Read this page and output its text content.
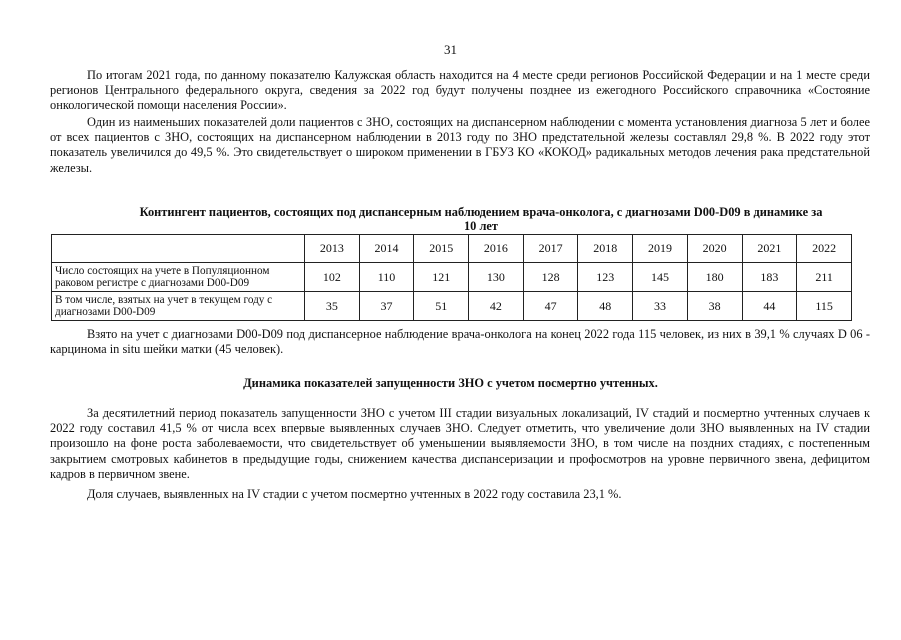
31

По итогам 2021 года, по данному показателю Калужская область находится на 4 месте среди регионов Российской Федерации и на 1 месте среди регионов Центрального федерального округа, сведения за 2022 год будут получены позднее из ежегодного Российского справочника «Состояние онкологической помощи населения России».

Один из наименьших показателей доли пациентов с ЗНО, состоящих на диспансерном наблюдении с момента установления диагноза 5 лет и более от всех пациентов с ЗНО, состоящих на диспансерном наблюдении в 2013 году по ЗНО предстательной железы составлял 29,8 %. В 2022 году этот показатель увеличился до 49,5 %. Это свидетельствует о широком применении в ГБУЗ КО «КОКОД» радикальных методов лечения рака предстательной железы.

Контингент пациентов, состоящих под диспансерным наблюдением врача-онколога, с диагнозами D00-D09 в динамике за
10 лет
	2013	2014	2015	2016	2017	2018	2019	2020	2021	2022
Число состоящих на учете в Популяционном раковом регистре с диагнозами D00-D09	102	110	121	130	128	123	145	180	183	211
В том числе, взятых на учет в текущем году с диагнозами D00-D09	35	37	51	42	47	48	33	38	44	115

Взято на учет с диагнозами D00-D09 под диспансерное наблюдение врача-онколога на конец 2022 года 115 человек, из них в 39,1 % случаях D 06 - карцинома in situ шейки матки (45 человек).

Динамика показателей запущенности ЗНО с учетом посмертно учтенных.

За десятилетний период показатель запущенности ЗНО с учетом III стадии визуальных локализаций, IV стадий и посмертно учтенных случаев к 2022 году составил 41,5 % от числа всех впервые выявленных случаев ЗНО. Следует отметить, что увеличение доли ЗНО выявленных на IV стадии произошло на фоне роста заболеваемости, что свидетельствует об уменьшении выявляемости ЗНО, в том числе на поздних стадиях, с постепенным закрытием смотровых кабинетов в предыдущие годы, снижением качества диспансеризации и профосмотров на уровне первичного звена, дефицитом кадров в первичном звене.

Доля случаев, выявленных на IV стадии с учетом посмертно учтенных в 2022 году составила 23,1 %.
